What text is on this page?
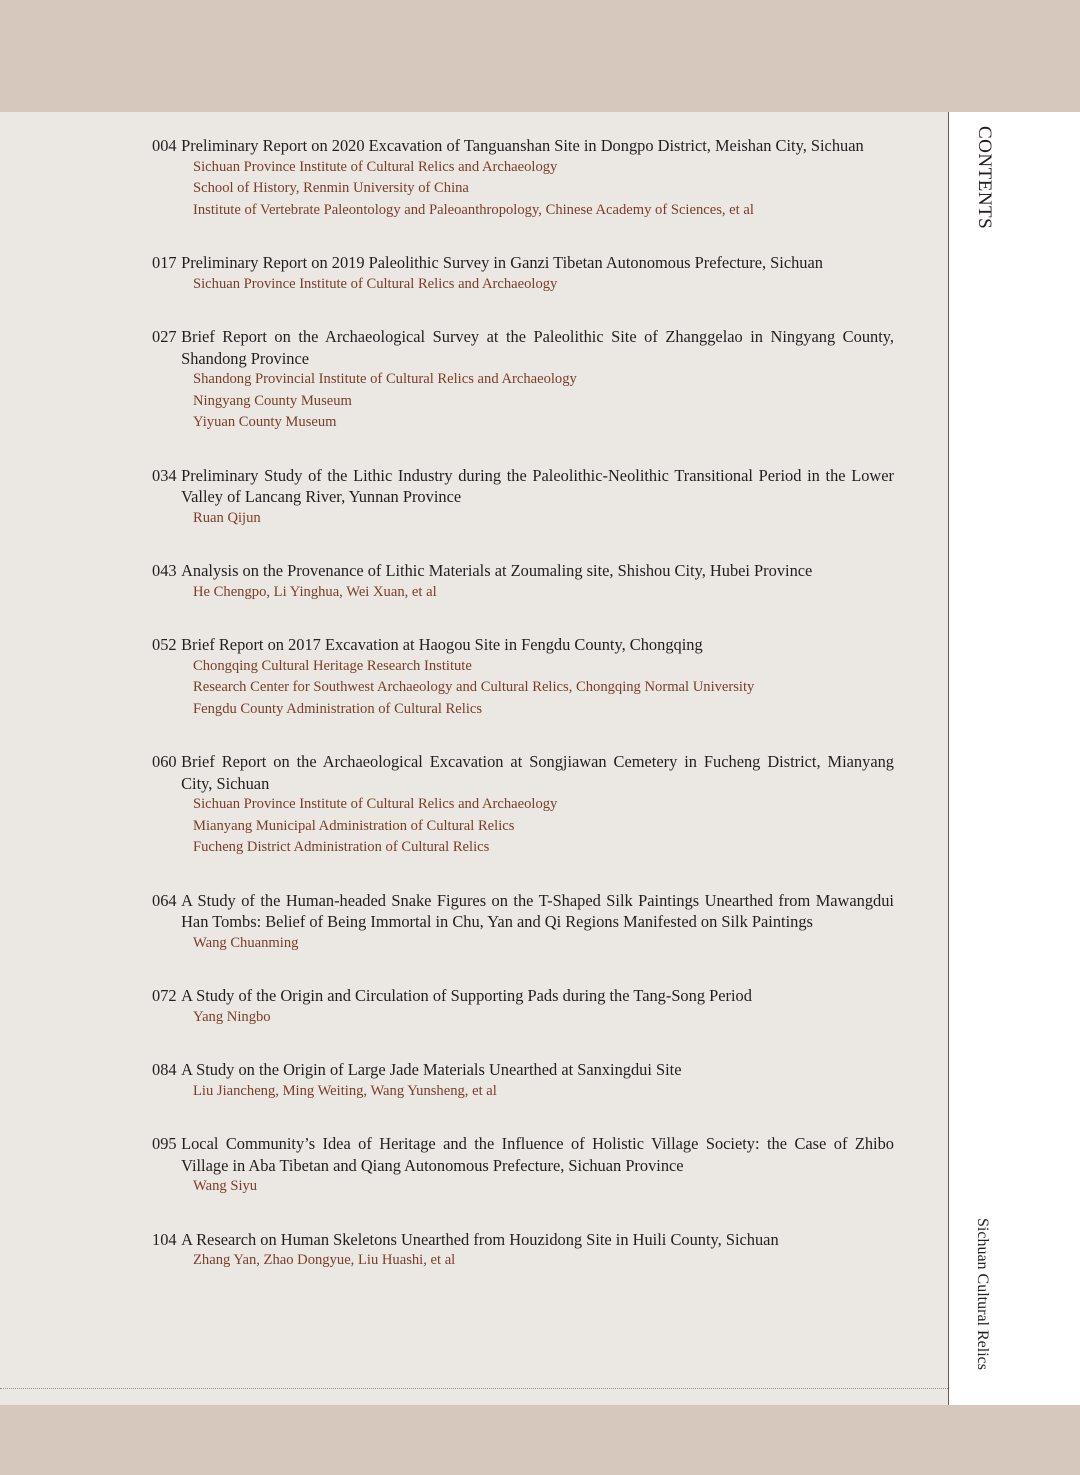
CONTENTS
Sichuan Cultural Relics
004 Preliminary Report on 2020 Excavation of Tanguanshan Site in Dongpo District, Meishan City, Sichuan
Sichuan Province Institute of Cultural Relics and Archaeology
School of History, Renmin University of China
Institute of Vertebrate Paleontology and Paleoanthropology, Chinese Academy of Sciences, et al
017 Preliminary Report on 2019 Paleolithic Survey in Ganzi Tibetan Autonomous Prefecture, Sichuan
Sichuan Province Institute of Cultural Relics and Archaeology
027 Brief Report on the Archaeological Survey at the Paleolithic Site of Zhanggelao in Ningyang County, Shandong Province
Shandong Provincial Institute of Cultural Relics and Archaeology
Ningyang County Museum
Yiyuan County Museum
034 Preliminary Study of the Lithic Industry during the Paleolithic-Neolithic Transitional Period in the Lower Valley of Lancang River, Yunnan Province
Ruan Qijun
043 Analysis on the Provenance of Lithic Materials at Zoumaling site, Shishou City, Hubei Province
He Chengpo, Li Yinghua, Wei Xuan, et al
052 Brief Report on 2017 Excavation at Haogou Site in Fengdu County, Chongqing
Chongqing Cultural Heritage Research Institute
Research Center for Southwest Archaeology and Cultural Relics, Chongqing Normal University
Fengdu County Administration of Cultural Relics
060 Brief Report on the Archaeological Excavation at Songjiawan Cemetery in Fucheng District, Mianyang City, Sichuan
Sichuan Province Institute of Cultural Relics and Archaeology
Mianyang Municipal Administration of Cultural Relics
Fucheng District Administration of Cultural Relics
064 A Study of the Human-headed Snake Figures on the T-Shaped Silk Paintings Unearthed from Mawangdui Han Tombs: Belief of Being Immortal in Chu, Yan and Qi Regions Manifested on Silk Paintings
Wang Chuanming
072 A Study of the Origin and Circulation of Supporting Pads during the Tang-Song Period
Yang Ningbo
084 A Study on the Origin of Large Jade Materials Unearthed at Sanxingdui Site
Liu Jiancheng, Ming Weiting, Wang Yunsheng, et al
095 Local Community’s Idea of Heritage and the Influence of Holistic Village Society: the Case of Zhibo Village in Aba Tibetan and Qiang Autonomous Prefecture, Sichuan Province
Wang Siyu
104 A Research on Human Skeletons Unearthed from Houzidong Site in Huili County, Sichuan
Zhang Yan, Zhao Dongyue, Liu Huashi, et al
